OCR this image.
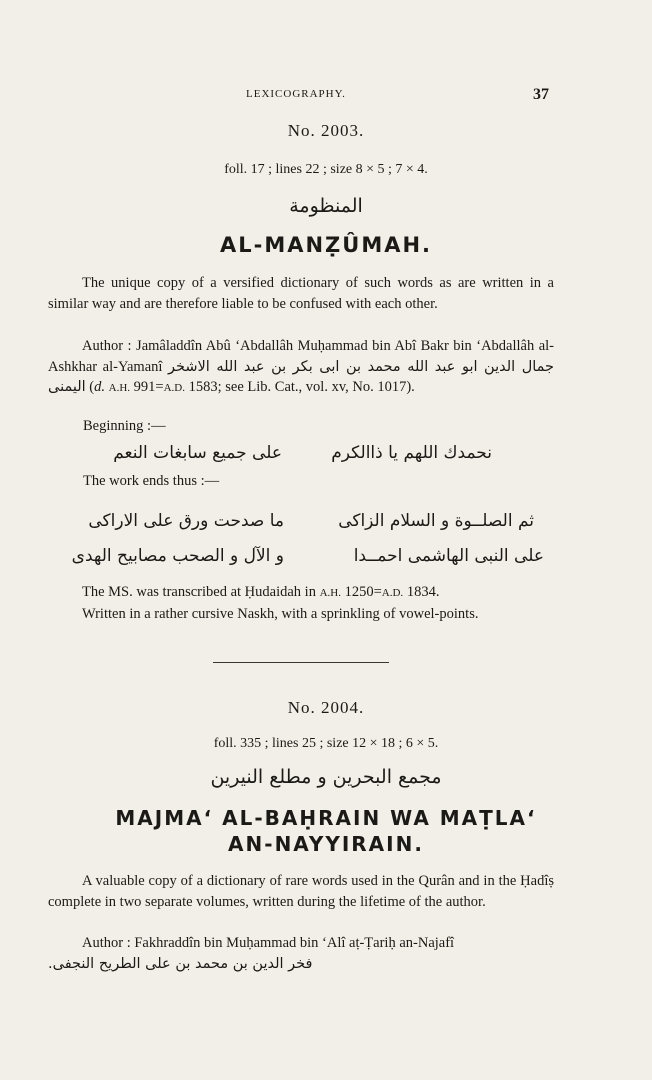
LEXICOGRAPHY.	37
No. 2003.
foll. 17 ; lines 22 ; size 8 × 5 ; 7 × 4.
المنظومة
AL-MANẒÛMAH.

The unique copy of a versified dictionary of such words as are written in a similar way and are therefore liable to be confused with each other.

Author : Jamâladdîn Abû ‘Abdallâh Muḥammad bin Abî Bakr bin ‘Abdallâh al-Ashkhar al-Yamanî جمال الدين ابو عبد الله محمد بن ابى بكر بن عبد الله الاشخر اليمنى (d. A.H. 991=A.D. 1583; see Lib. Cat., vol. xv, No. 1017).

Beginning :—
نحمدك اللهم يا ذاالكرم
على جميع سابغات النعم
The work ends thus :—
ثم الصلــوة و السلام الزاكى
ما صدحت ورق على الاراكى
على النبى الهاشمى احمــدا
و الآل و الصحب مصابيح الهدى

The MS. was transcribed at Ḥudaidah in A.H. 1250=A.D. 1834.

Written in a rather cursive Naskh, with a sprinkling of vowel-points.

No. 2004.
foll. 335 ; lines 25 ; size 12 × 18 ; 6 × 5.
مجمع البحرين و مطلع النيرين
MAJMA‘ AL-BAḤRAIN WA MAṬLA‘
AN-NAYYIRAIN.

A valuable copy of a dictionary of rare words used in the Qurân and in the Ḥadîṣ complete in two separate volumes, written during the lifetime of the author.

Author : Fakhraddîn bin Muḥammad bin ‘Alî aṭ-Ṭariḥ an-Najafî

فخر الدين بن محمد بن على الطريح النجفى.
